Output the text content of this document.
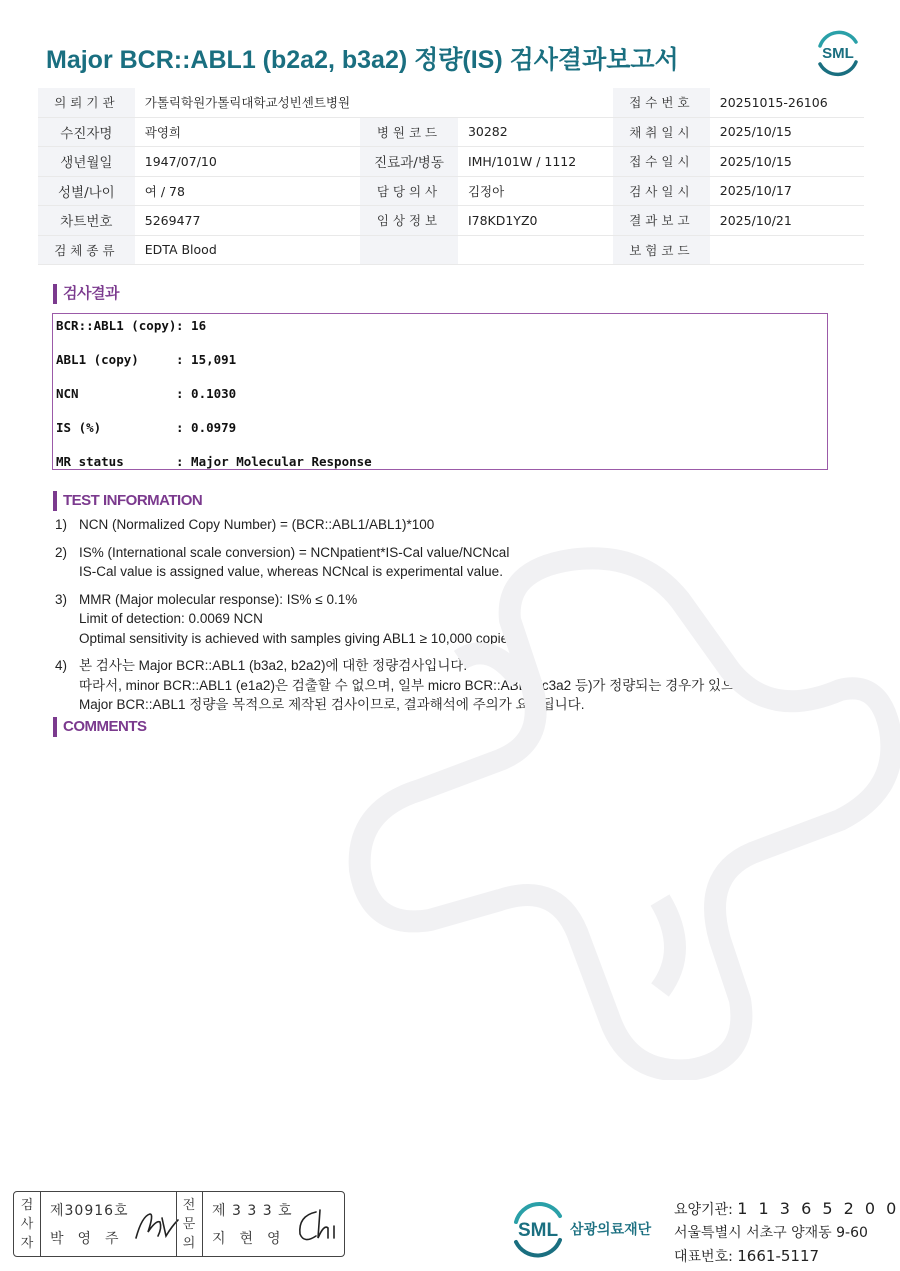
Major BCR::ABL1 (b2a2, b3a2) 정량(IS) 검사결과보고서	SML
의뢰기관	가톨릭학원가톨릭대학교성빈센트병원			접수번호	20251015-26106
수진자명	곽영희	병원코드	30282	채취일시	2025/10/15
생년월일	1947/07/10	진료과/병동	IMH/101W / 1112	접수일시	2025/10/15
성별/나이	여 / 78	담당의사	김정아	검사일시	2025/10/17
차트번호	5269477	임상정보	I78KD1YZ0	결과보고	2025/10/21
검체종류	EDTA Blood			보험코드	
검사결과
BCR::ABL1 (copy): 16
ABL1 (copy)	: 15,091
NCN	: 0.1030
IS (%)	: 0.0979
MR status	: Major Molecular Response
TEST INFORMATION
1) NCN (Normalized Copy Number) = (BCR::ABL1/ABL1)*100
2) IS% (International scale conversion) = NCNpatient*IS-Cal value/NCNcal
IS-Cal value is assigned value, whereas NCNcal is experimental value.
3) MMR (Major molecular response): IS% ≤ 0.1%
Limit of detection: 0.0069 NCN
Optimal sensitivity is achieved with samples giving ABL1 ≥ 10,000 copies.
4) 본 검사는 Major BCR::ABL1 (b3a2, b2a2)에 대한 정량검사입니다.
따라서, minor BCR::ABL1 (e1a2)은 검출할 수 없으며, 일부 micro BCR::ABL1 (c3a2 등)가 정량되는 경우가 있으나,
Major BCR::ABL1 정량을 목적으로 제작된 검사이므로, 결과해석에 주의가 요구됩니다.
COMMENTS
검
사
자
제30916호
박영주
전
문
의
제 3 3 3 호
지현영	SML 삼광의료재단
요양기관: 1 1 3 6 5 2 0 0
서울특별시 서초구 양재동 9-60
대표번호: 1661-5117
